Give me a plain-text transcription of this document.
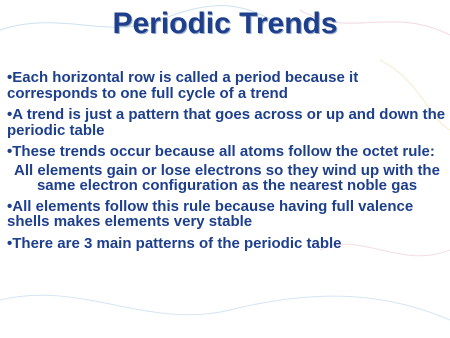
Periodic Trends
•Each horizontal row is called a period because it corresponds to one full cycle of a trend
•A trend is just a pattern that goes across or up and down the periodic table
•These trends occur because all atoms follow the octet rule:
All elements gain or lose electrons so they wind up with the same electron configuration as the nearest noble gas
•All elements follow this rule because having full valence shells makes elements very stable
•There are 3 main patterns of the periodic table
